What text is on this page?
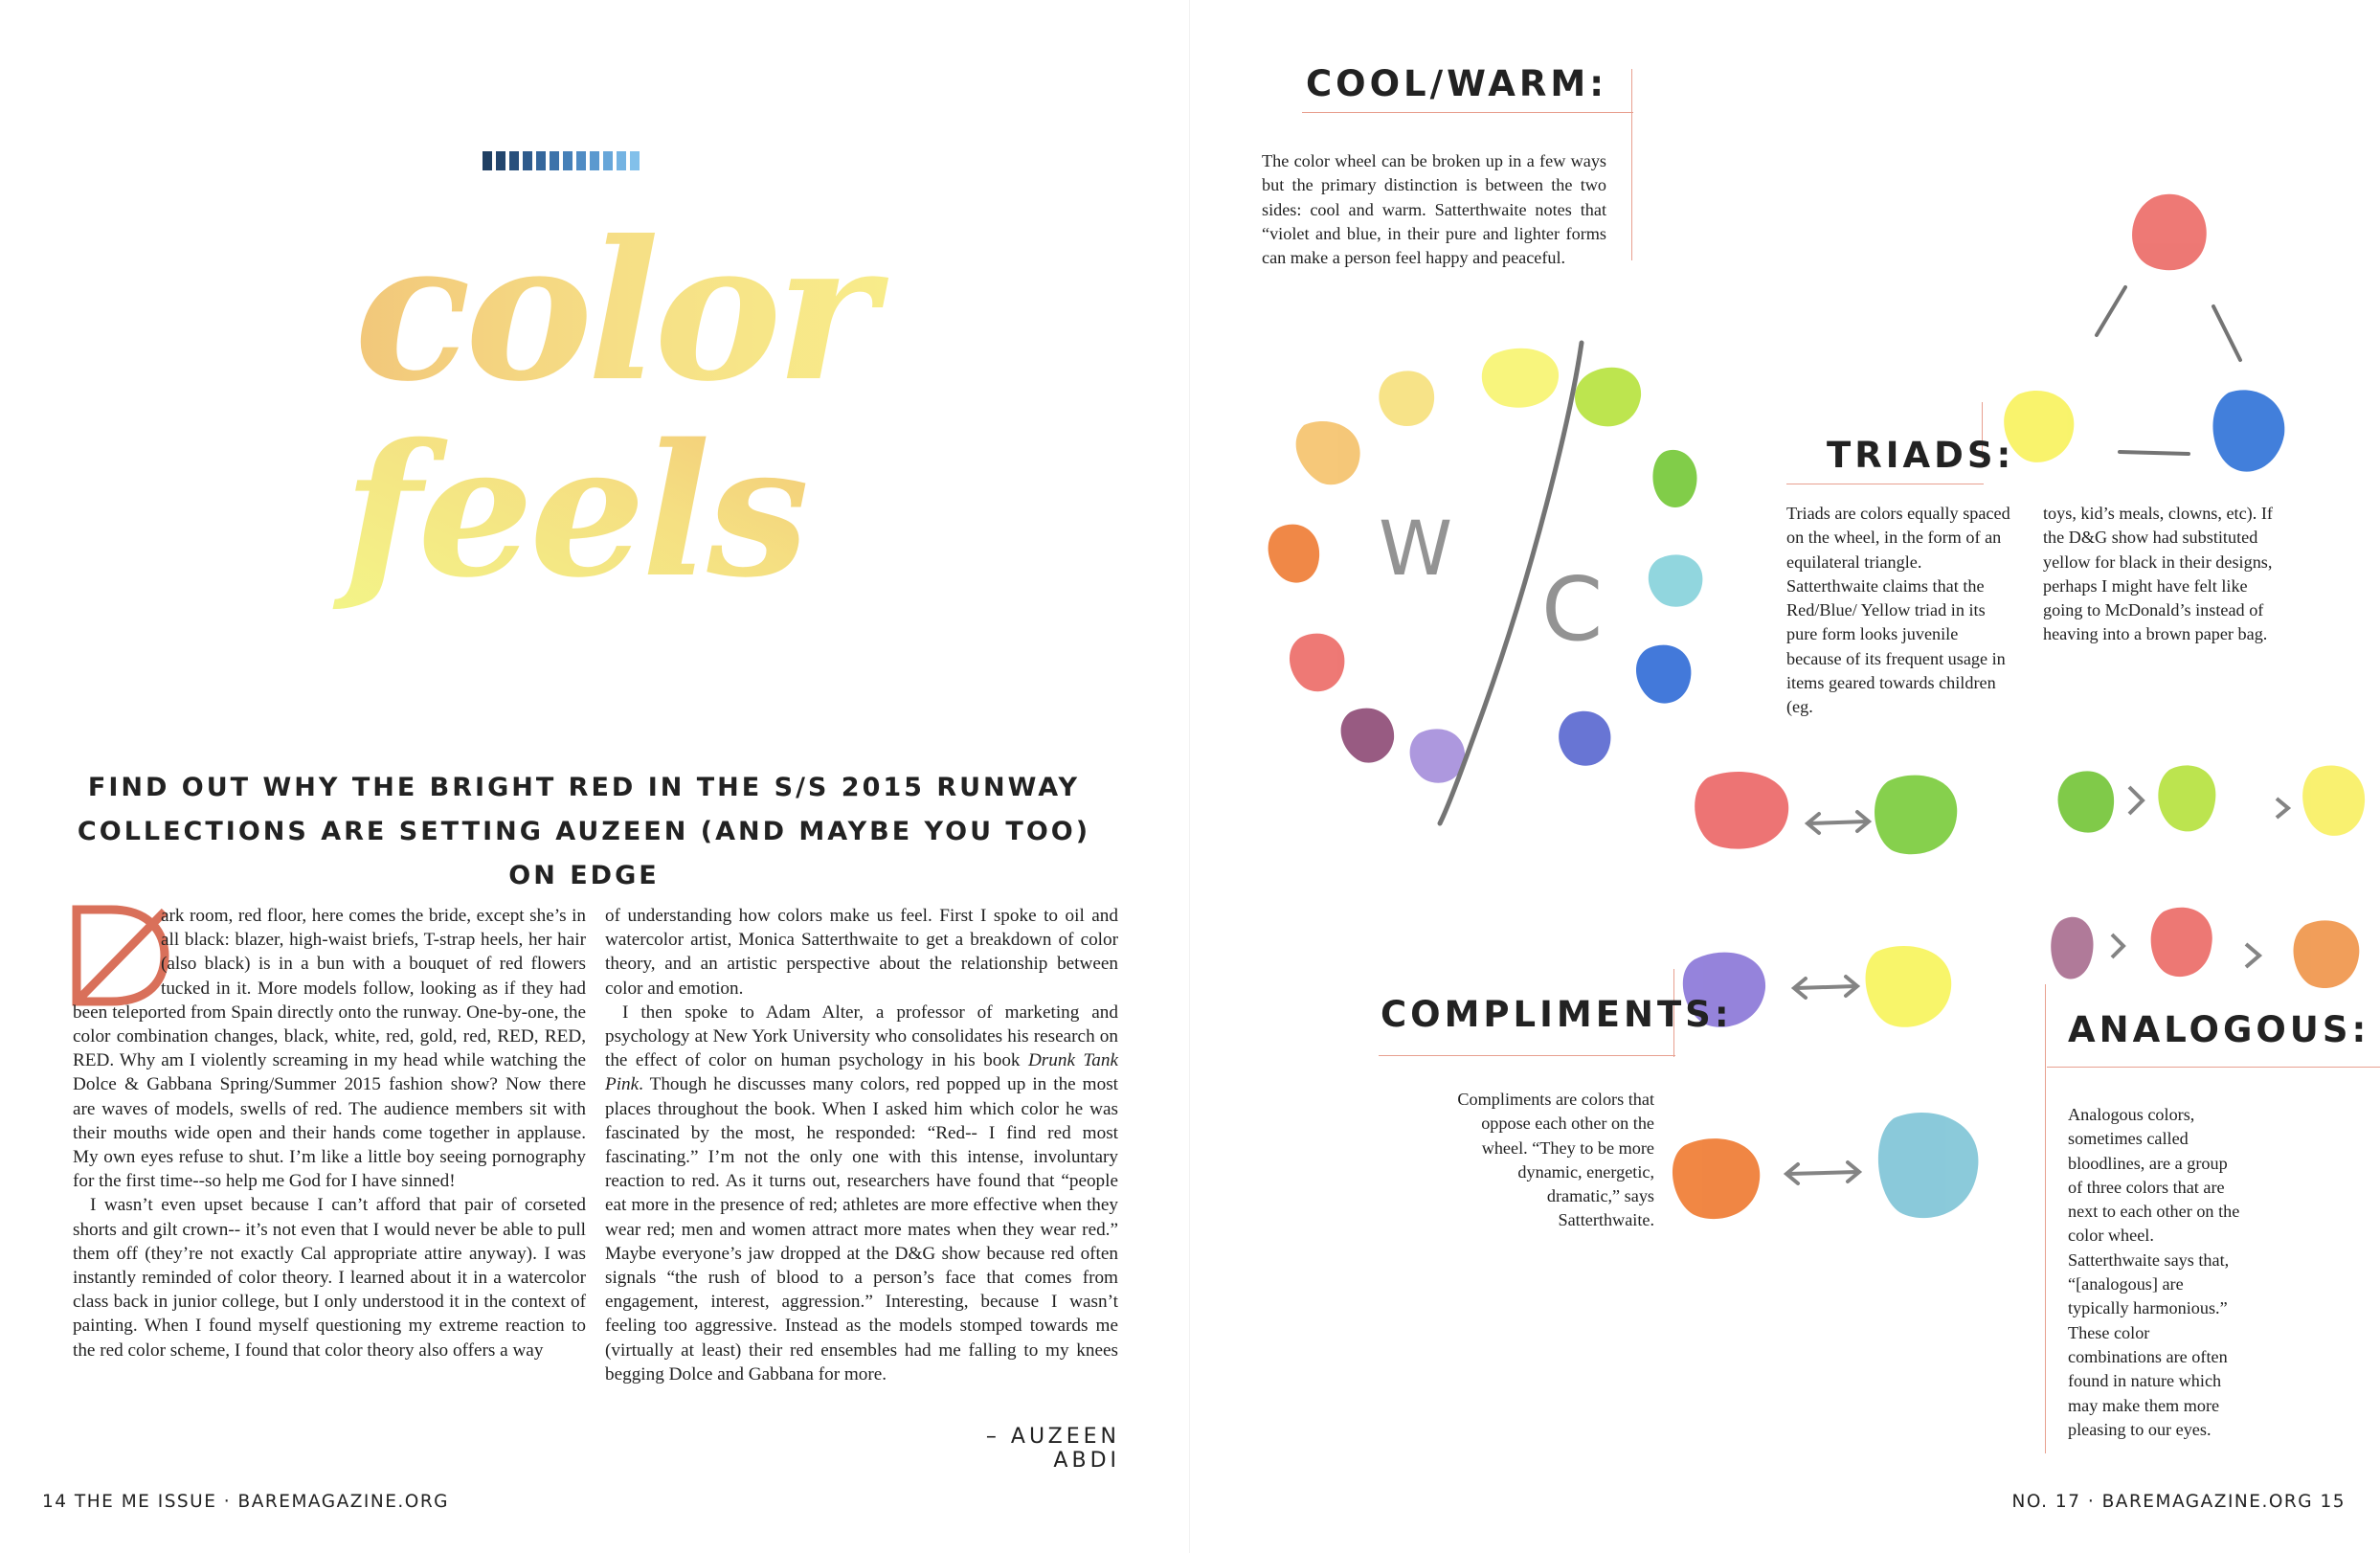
color
feels
FIND OUT WHY THE BRIGHT RED IN THE S/S 2015 RUNWAY
COLLECTIONS ARE SETTING AUZEEN (AND MAYBE YOU TOO) ON EDGE

ark room, red floor, here comes the bride, except she’s in all black: blazer, high-waist briefs, T-strap heels, her hair (also black) is in a bun with a bouquet of red flowers tucked in it. More models follow, looking as if they had been teleported from Spain directly onto the runway. One-by-one, the color combination changes, black, white, red, gold, red, RED, RED, RED. Why am I violently screaming in my head while watching the Dolce & Gabbana Spring/Summer 2015 fashion show? Now there are waves of models, swells of red. The audience members sit with their mouths wide open and their hands come together in applause. My own eyes refuse to shut. I’m like a little boy seeing pornography for the first time--so help me God for I have sinned!

I wasn’t even upset because I can’t afford that pair of corseted shorts and gilt crown-- it’s not even that I would never be able to pull them off (they’re not exactly Cal appropriate attire anyway). I was instantly reminded of color theory. I learned about it in a watercolor class back in junior college, but I only understood it in the context of painting. When I found myself questioning my extreme reaction to the red color scheme, I found that color theory also offers a way

of understanding how colors make us feel. First I spoke to oil and watercolor artist, Monica Satterthwaite to get a breakdown of color theory, and an artistic perspective about the relationship between color and emotion.

I then spoke to Adam Alter, a professor of marketing and psychology at New York University who consolidates his research on the effect of color on human psychology in his book Drunk Tank Pink. Though he discusses many colors, red popped up in the most places throughout the book. When I asked him which color he was fascinated by the most, he responded: “Red-- I find red most fascinating.” I’m not the only one with this intense, involuntary reaction to red. As it turns out, researchers have found that “people eat more in the presence of red; athletes are more effective when they wear red; men and women attract more mates when they wear red.” Maybe everyone’s jaw dropped at the D&G show because red often signals “the rush of blood to a person’s face that comes from engagement, interest, aggression.” Interesting, because I wasn’t feeling too aggressive. Instead as the models stomped towards me (virtually at least) their red ensembles had me falling to my knees begging Dolce and Gabbana for more.

– AUZEEN ABDI
14 THE ME ISSUE · BAREMAGAZINE.ORG
W
C
COOL/WARM:
The color wheel can be broken up in a few ways but the primary distinction is between the two sides: cool and warm. Satterthwaite notes that “violet and blue, in their pure and lighter forms can make a person feel happy and peaceful.
TRIADS:
Triads are colors equally spaced on the wheel, in the form of an equilateral triangle. Satterthwaite claims that the Red/Blue/ Yellow triad in its pure form looks juvenile because of its frequent usage in items geared towards children (eg.
toys, kid’s meals, clowns, etc). If the D&G show had substituted yellow for black in their designs, perhaps I might have felt like going to McDonald’s instead of heaving into a brown paper bag.
COMPLIMENTS:
Compliments are colors that oppose each other on the wheel. “They to be more dynamic, energetic, dramatic,” says Satterthwaite.
ANALOGOUS:
Analogous colors, sometimes called bloodlines, are a group of three colors that are next to each other on the color wheel. Satterthwaite says that, “[analogous] are typically harmonious.” These color combinations are often found in nature which may make them more pleasing to our eyes.
NO. 17 · BAREMAGAZINE.ORG 15
